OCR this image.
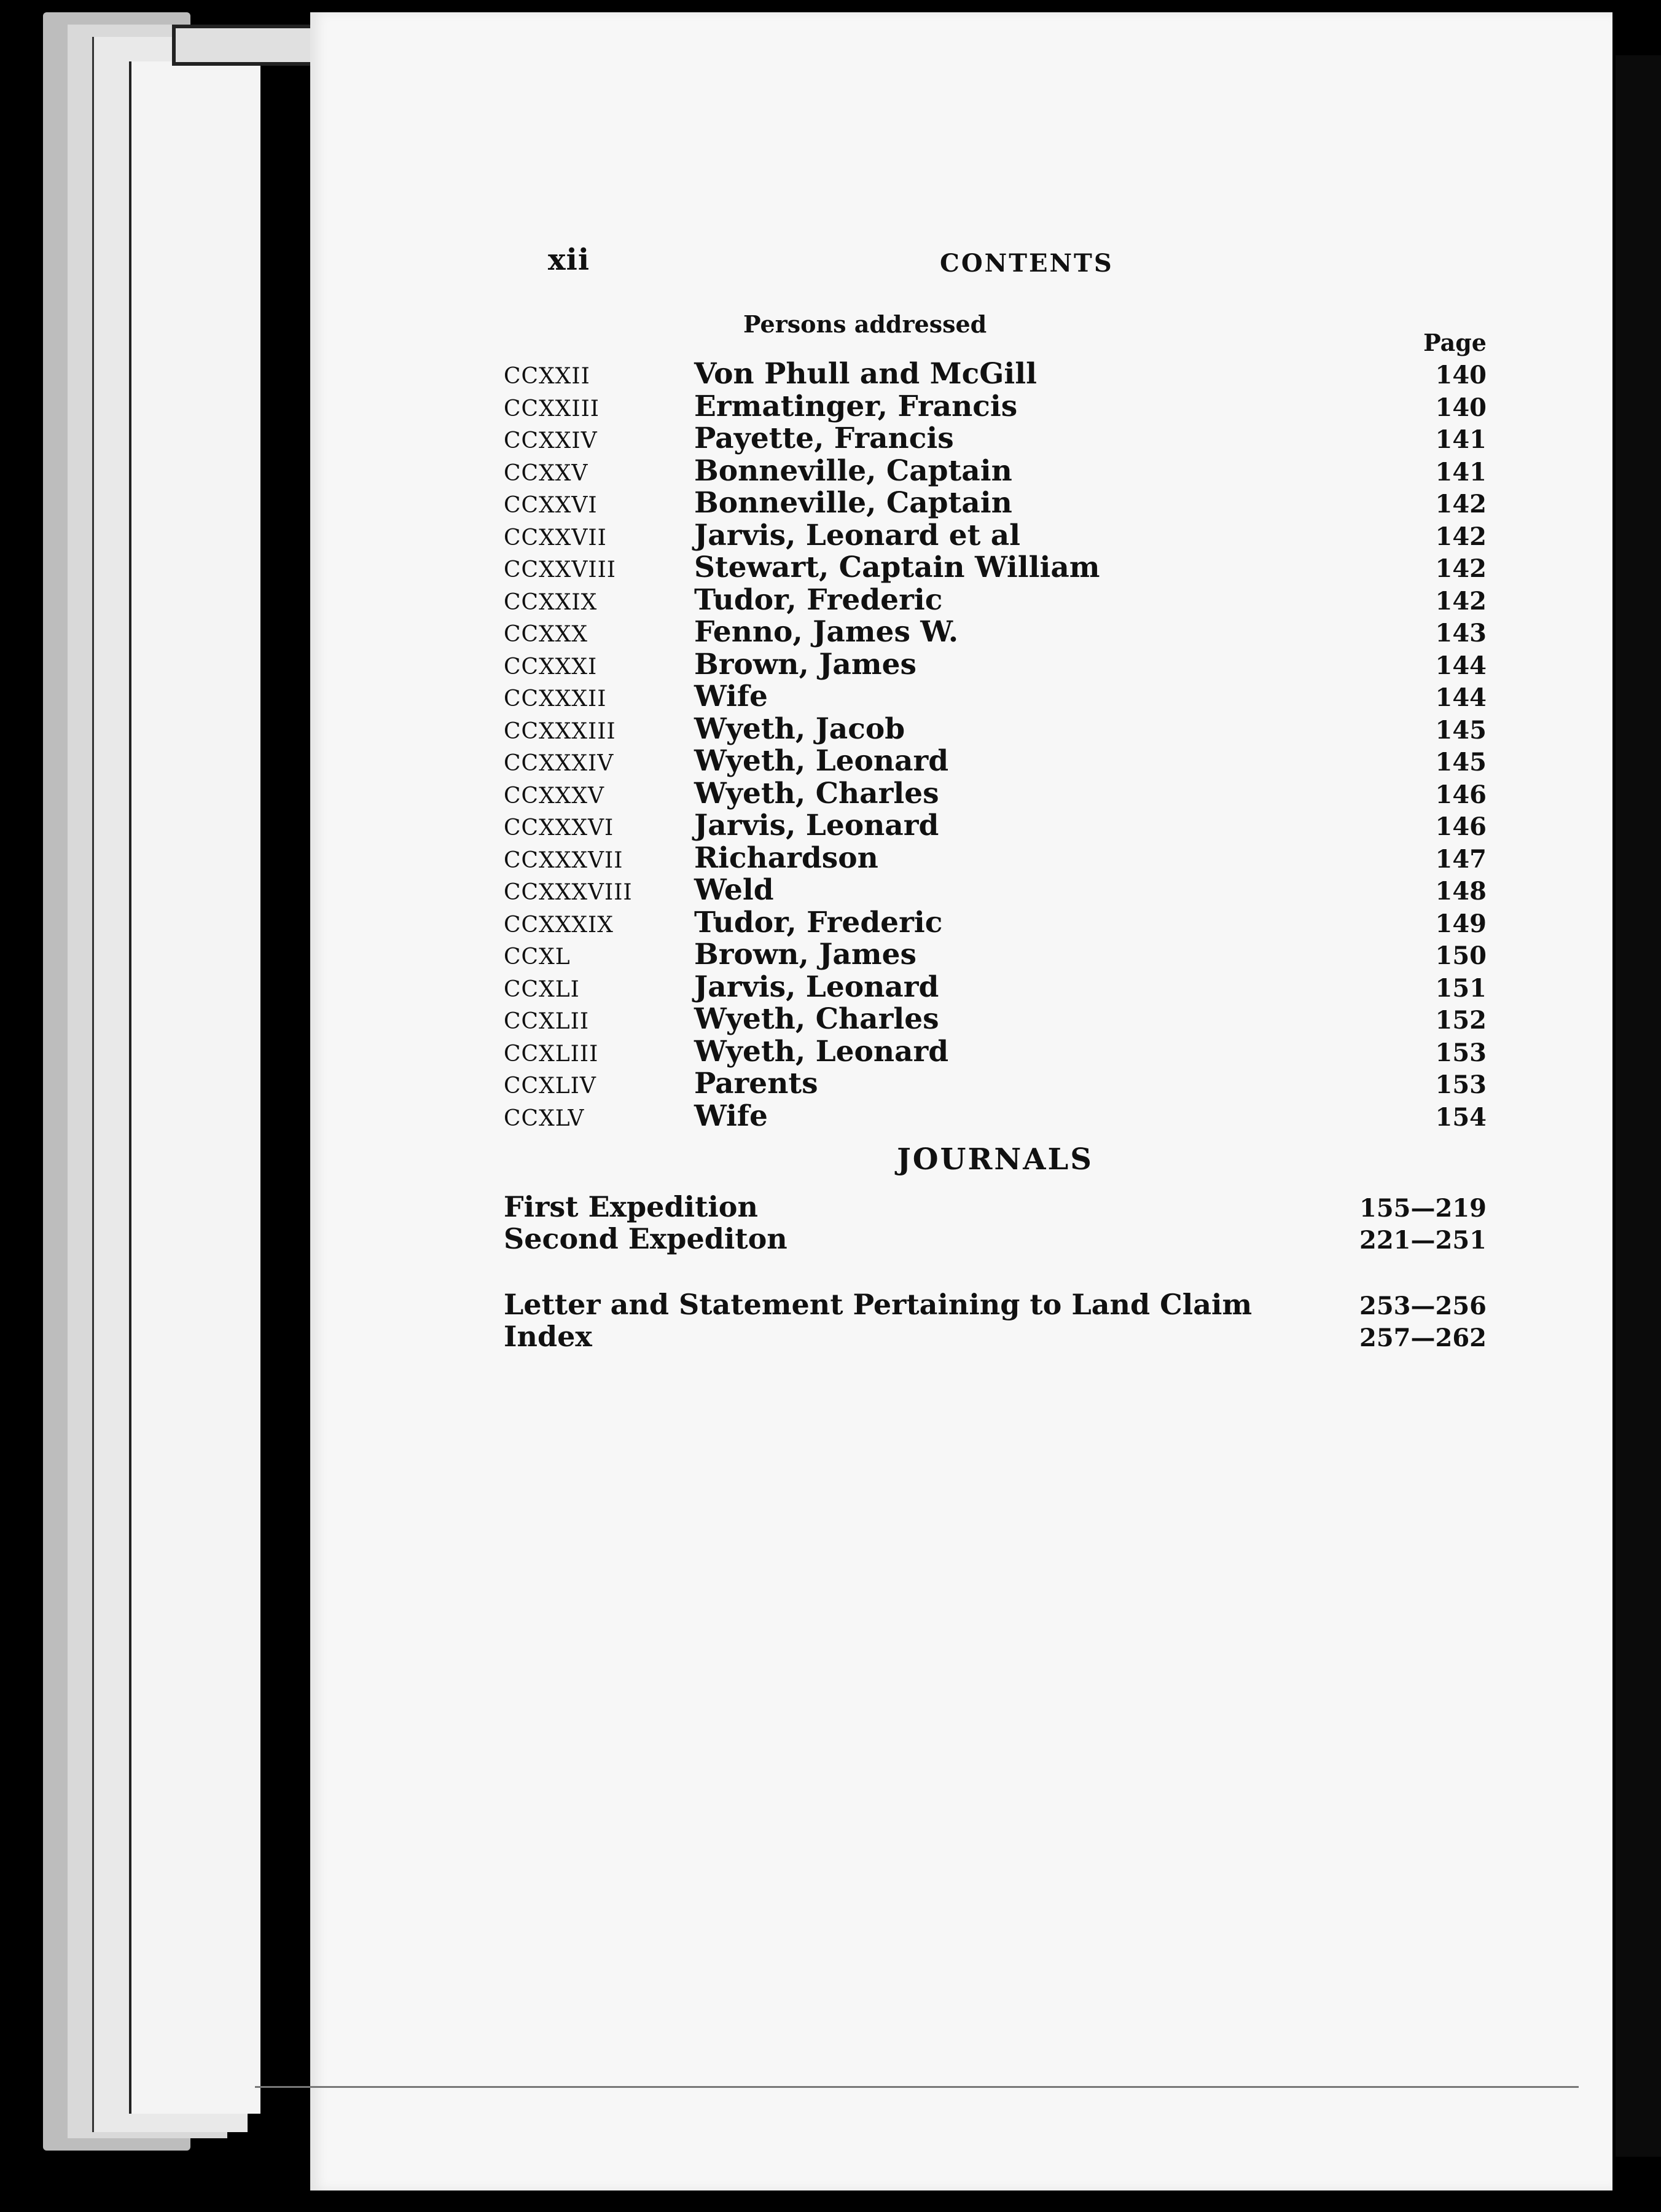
xii	CONTENTS
Persons addressed
Page
CCXXII	Von Phull and McGill	140
CCXXIII	Ermatinger, Francis	140
CCXXIV	Payette, Francis	141
CCXXV	Bonneville, Captain	141
CCXXVI	Bonneville, Captain	142
CCXXVII	Jarvis, Leonard et al	142
CCXXVIII	Stewart, Captain William	142
CCXXIX	Tudor, Frederic	142
CCXXX	Fenno, James W.	143
CCXXXI	Brown, James	144
CCXXXII	Wife	144
CCXXXIII	Wyeth, Jacob	145
CCXXXIV	Wyeth, Leonard	145
CCXXXV	Wyeth, Charles	146
CCXXXVI	Jarvis, Leonard	146
CCXXXVII	Richardson	147
CCXXXVIII	Weld	148
CCXXXIX	Tudor, Frederic	149
CCXL	Brown, James	150
CCXLI	Jarvis, Leonard	151
CCXLII	Wyeth, Charles	152
CCXLIII	Wyeth, Leonard	153
CCXLIV	Parents	153
CCXLV	Wife	154
JOURNALS
First Expedition	155—219
Second Expediton	221—251
Letter and Statement Pertaining to Land Claim	253—256
Index	257—262
